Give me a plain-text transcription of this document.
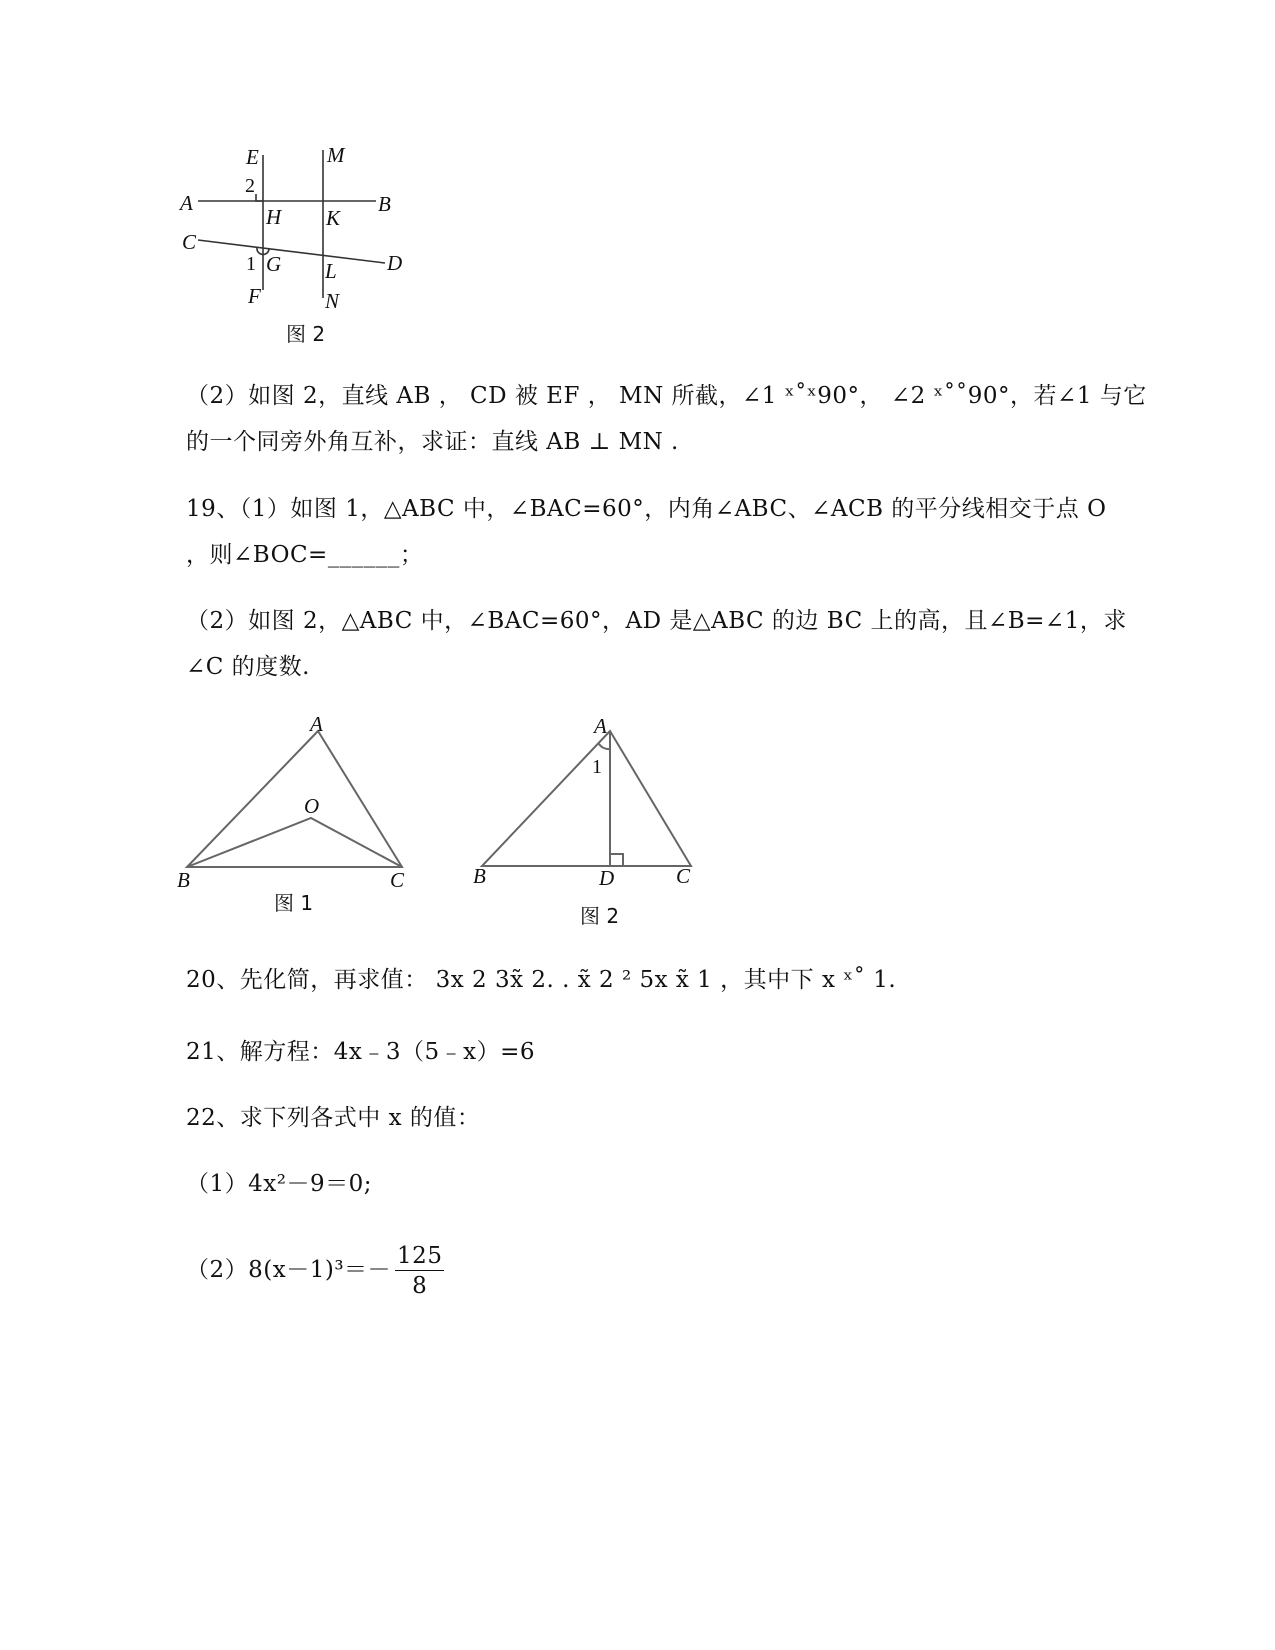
E	M
2
A
H K
B
C
1 G L D
F	N
图 2
（2）如图 2，直线 AB ， CD 被 EF ， MN 所截，∠1 ˣ˚ˣ90°， ∠2 ˣ˚˚90°，若∠1 与它
的一个同旁外角互补，求证：直线 AB ⊥ MN .
19、（1）如图 1，△ABC 中，∠BAC=60°，内角∠ABC、∠ACB 的平分线相交于点 O
，则∠BOC=______；
（2）如图 2，△ABC 中，∠BAC=60°，AD 是△ABC 的边 BC 上的高，且∠B=∠1，求
∠C 的度数.
A
O
B	C
图 1
A
1
B	D	C
图 2
20、先化简，再求值： 3x 2 3x̃ 2. . x̃ 2 ² 5x x̃ 1 ，其中下 x ˣ˚ 1.
21、解方程：4x﹣3（5﹣x）=6
22、求下列各式中 x 的值：
（1）4x²－9＝0;
$(2)8(x-1)^3=- \frac{125}{8}$
